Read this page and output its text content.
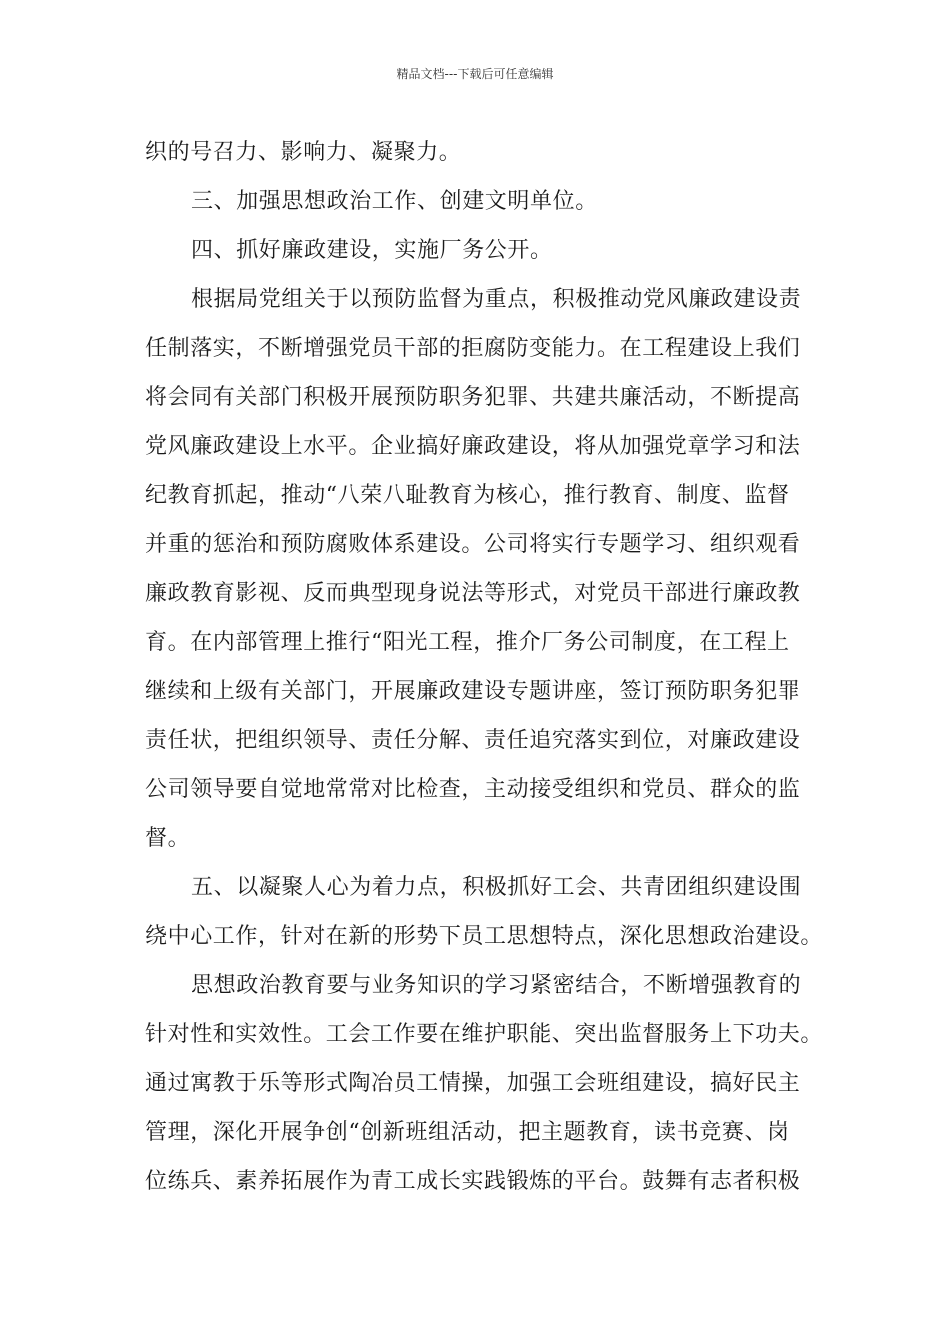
精品文档---下载后可任意编辑

织的号召力、影响力、凝聚力。

三、加强思想政治工作、创建文明单位。

四、抓好廉政建设，实施厂务公开。

根据局党组关于以预防监督为重点，积极推动党风廉政建设责
任制落实，不断增强党员干部的拒腐防变能力。在工程建设上我们
将会同有关部门积极开展预防职务犯罪、共建共廉活动，不断提高
党风廉政建设上水平。企业搞好廉政建设，将从加强党章学习和法
纪教育抓起，推动“八荣八耻教育为核心，推行教育、制度、监督
并重的惩治和预防腐败体系建设。公司将实行专题学习、组织观看
廉政教育影视、反而典型现身说法等形式，对党员干部进行廉政教
育。在内部管理上推行“阳光工程，推介厂务公司制度，在工程上
继续和上级有关部门，开展廉政建设专题讲座，签订预防职务犯罪
责任状，把组织领导、责任分解、责任追究落实到位，对廉政建设
公司领导要自觉地常常对比检查，主动接受组织和党员、群众的监
督。

五、以凝聚人心为着力点，积极抓好工会、共青团组织建设围
绕中心工作，针对在新的形势下员工思想特点，深化思想政治建设。

思想政治教育要与业务知识的学习紧密结合，不断增强教育的
针对性和实效性。工会工作要在维护职能、突出监督服务上下功夫。
通过寓教于乐等形式陶冶员工情操，加强工会班组建设，搞好民主
管理，深化开展争创“创新班组活动，把主题教育，读书竞赛、岗
位练兵、素养拓展作为青工成长实践锻炼的平台。鼓舞有志者积极
